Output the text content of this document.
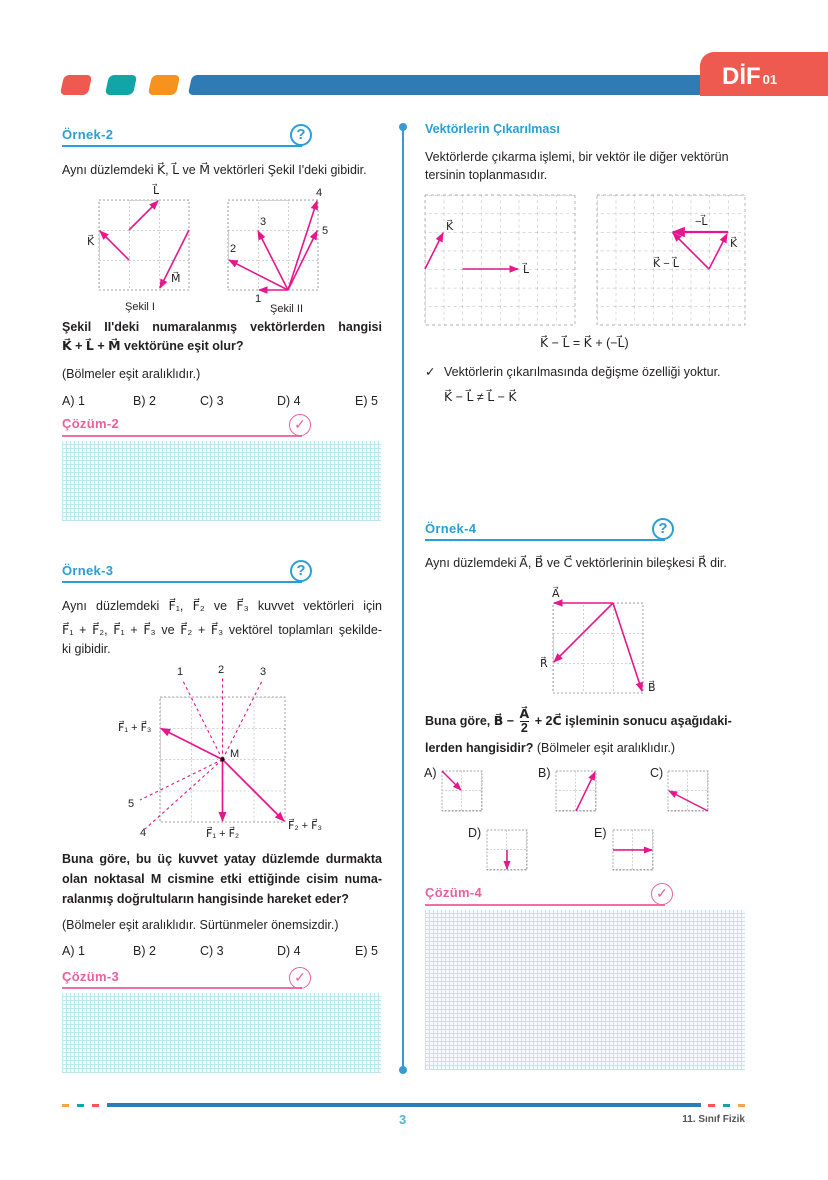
DİF 01
Örnek-2	?
Aynı düzlemdeki K⃗, L⃗ ve M⃗ vektörleri Şekil I'deki gibidir.
K⃗
L⃗
M⃗
Şekil I
1
2
3
4
5
Şekil II
Şekil II'deki numaralanmış vektörlerden hangisi
K⃗ + L⃗ + M⃗ vektörüne eşit olur?
(Bölmeler eşit aralıklıdır.)
A) 1	B) 2	C) 3	D) 4	E) 5
Çözüm-2	✓
Örnek-3	?
Aynı düzlemdeki F⃗₁, F⃗₂ ve F⃗₃ kuvvet vektörleri için
F⃗₁ + F⃗₂, F⃗₁ + F⃗₃ ve F⃗₂ + F⃗₃ vektörel toplamları şekilde-
ki gibidir.
M
1	2	3
4
5
F⃗₁ + F⃗₃
F⃗₁ + F⃗₂
F⃗₂ + F⃗₃
Buna göre, bu üç kuvvet yatay düzlemde durmakta
olan noktasal M cismine etki ettiğinde cisim numa-
ralanmış doğrultuların hangisinde hareket eder?
(Bölmeler eşit aralıklıdır. Sürtünmeler önemsizdir.)
A) 1	B) 2	C) 3	D) 4	E) 5
Çözüm-3	✓
Vektörlerin Çıkarılması
Vektörlerde çıkarma işlemi, bir vektör ile diğer vektörün
tersinin toplanmasıdır.
K⃗
L⃗
−L⃗
K⃗
K⃗ − L⃗
K⃗ − L⃗ = K⃗ + (−L⃗)
✓ Vektörlerin çıkarılmasında değişme özelliği yoktur.
K⃗ − L⃗ ≠ L⃗ − K⃗
Örnek-4	?
Aynı düzlemdeki A⃗, B⃗ ve C⃗ vektörlerinin bileşkesi R⃗ dir.
A⃗
R⃗
B⃗
Buna göre, B⃗ − $\frac{A⃗}{2}$ + 2C⃗ işleminin sonucu aşağıdaki-
lerden hangisidir? (Bölmeler eşit aralıklıdır.)
A)	B)	C)
D)	E)
Çözüm-4	✓
3	11. Sınıf Fizik
